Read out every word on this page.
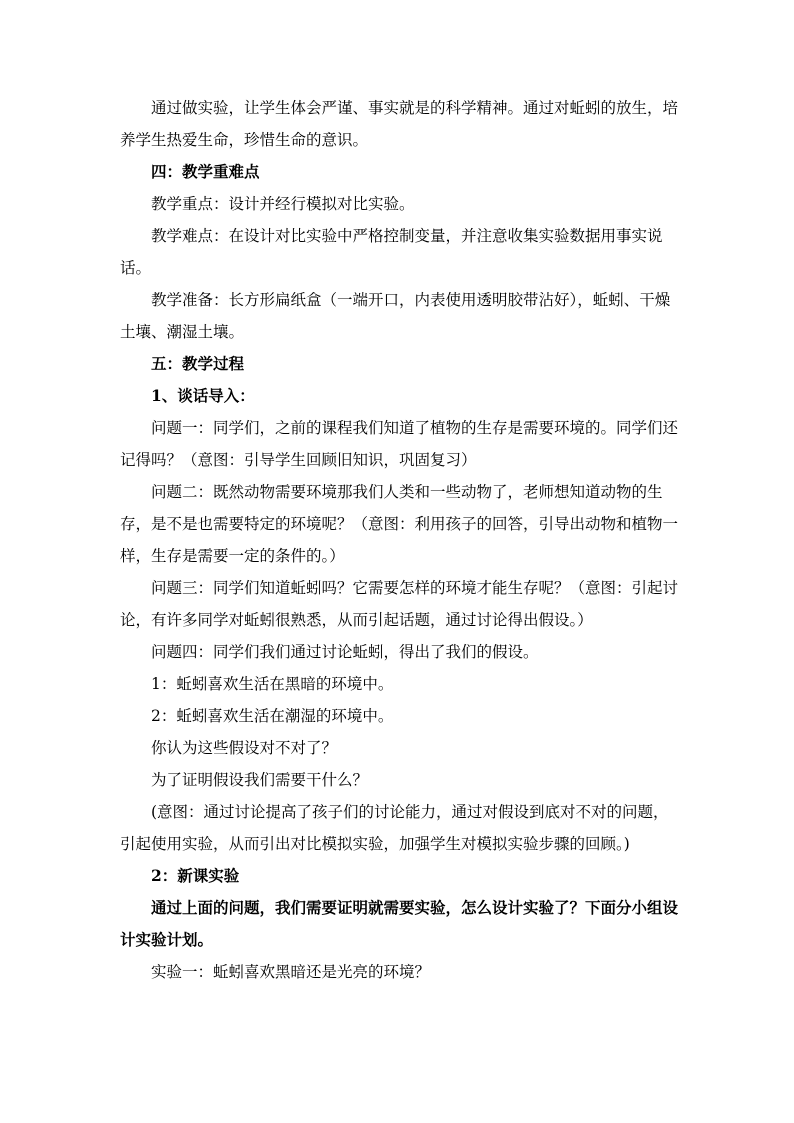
通过做实验，让学生体会严谨、事实就是的科学精神。通过对蚯蚓的放生，培养学生热爱生命，珍惜生命的意识。

四：教学重难点

教学重点：设计并经行模拟对比实验。

教学难点：在设计对比实验中严格控制变量，并注意收集实验数据用事实说话。

教学准备：长方形扁纸盒（一端开口，内表使用透明胶带沾好），蚯蚓、干燥土壤、潮湿土壤。

五：教学过程

1、谈话导入：

问题一：同学们，之前的课程我们知道了植物的生存是需要环境的。同学们还记得吗？（意图：引导学生回顾旧知识，巩固复习）

问题二：既然动物需要环境那我们人类和一些动物了，老师想知道动物的生存，是不是也需要特定的环境呢？（意图：利用孩子的回答，引导出动物和植物一样，生存是需要一定的条件的。）

问题三：同学们知道蚯蚓吗？它需要怎样的环境才能生存呢？（意图：引起讨论，有许多同学对蚯蚓很熟悉，从而引起话题，通过讨论得出假设。）

问题四：同学们我们通过讨论蚯蚓，得出了我们的假设。

1：蚯蚓喜欢生活在黑暗的环境中。

2：蚯蚓喜欢生活在潮湿的环境中。

你认为这些假设对不对了？

为了证明假设我们需要干什么？

(意图：通过讨论提高了孩子们的讨论能力，通过对假设到底对不对的问题，引起使用实验，从而引出对比模拟实验，加强学生对模拟实验步骤的回顾。)

2：新课实验

通过上面的问题，我们需要证明就需要实验，怎么设计实验了？下面分小组设计实验计划。

实验一：蚯蚓喜欢黑暗还是光亮的环境？
